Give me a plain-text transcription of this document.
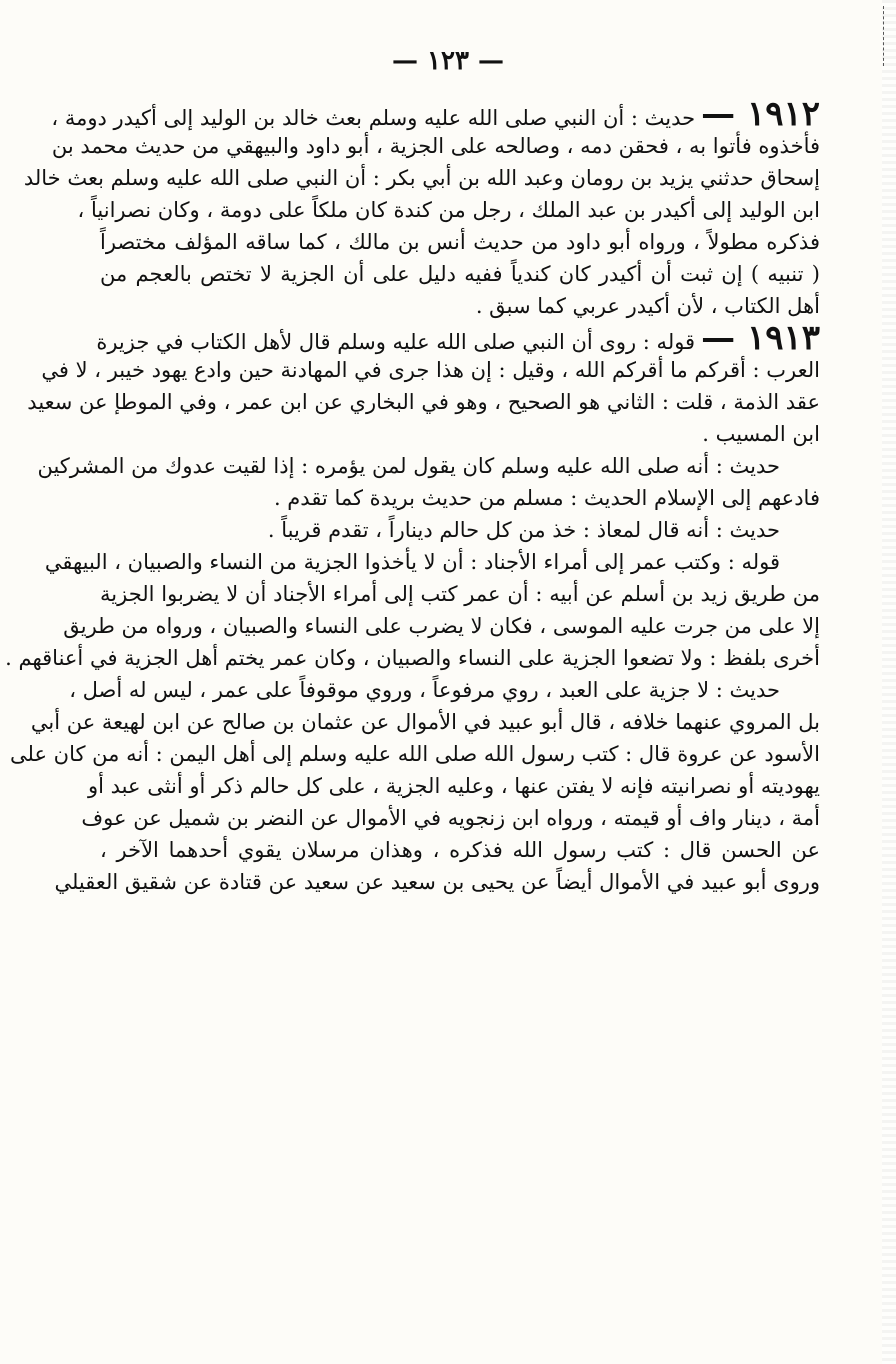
— ١٢٣ —
١٩١٢ —حديث : أن النبي صلى الله عليه وسلم بعث خالد بن الوليد إلى أكيدر دومة ،
فأخذوه فأتوا به ، فحقن دمه ، وصالحه على الجزية ، أبو داود والبيهقي من حديث محمد بن
إسحاق حدثني يزيد بن رومان وعبد الله بن أبي بكر : أن النبي صلى الله عليه وسلم بعث خالد
ابن الوليد إلى أكيدر بن عبد الملك ، رجل من كندة كان ملكاً على دومة ، وكان نصرانياً ،
فذكره مطولاً ، ورواه أبو داود من حديث أنس بن مالك ، كما ساقه المؤلف مختصراً
( تنبيه ) إن ثبت أن أكيدر كان كندياً ففيه دليل على أن الجزية لا تختص بالعجم من
أهل الكتاب ، لأن أكيدر عربي كما سبق .
١٩١٣ —قوله : روى أن النبي صلى الله عليه وسلم قال لأهل الكتاب في جزيرة
العرب : أقركم ما أقركم الله ، وقيل : إن هذا جرى في المهادنة حين وادع يهود خيبر ، لا في
عقد الذمة ، قلت : الثاني هو الصحيح ، وهو في البخاري عن ابن عمر ، وفي الموطإ عن سعيد
ابن المسيب .
حديث : أنه صلى الله عليه وسلم كان يقول لمن يؤمره : إذا لقيت عدوك من المشركين
فادعهم إلى الإسلام الحديث : مسلم من حديث بريدة كما تقدم .
حديث : أنه قال لمعاذ : خذ من كل حالم ديناراً ، تقدم قريباً .
قوله : وكتب عمر إلى أمراء الأجناد : أن لا يأخذوا الجزية من النساء والصبيان ، البيهقي
من طريق زيد بن أسلم عن أبيه : أن عمر كتب إلى أمراء الأجناد أن لا يضربوا الجزية
إلا على من جرت عليه الموسى ، فكان لا يضرب على النساء والصبيان ، ورواه من طريق
أخرى بلفظ : ولا تضعوا الجزية على النساء والصبيان ، وكان عمر يختم أهل الجزية في أعناقهم .
حديث : لا جزية على العبد ، روي مرفوعاً ، وروي موقوفاً على عمر ، ليس له أصل ،
بل المروي عنهما خلافه ، قال أبو عبيد في الأموال عن عثمان بن صالح عن ابن لهيعة عن أبي
الأسود عن عروة قال : كتب رسول الله صلى الله عليه وسلم إلى أهل اليمن : أنه من كان على
يهوديته أو نصرانيته فإنه لا يفتن عنها ، وعليه الجزية ، على كل حالم ذكر أو أنثى عبد أو
أمة ، دينار واف أو قيمته ، ورواه ابن زنجويه في الأموال عن النضر بن شميل عن عوف
عن الحسن قال : كتب رسول الله فذكره ، وهذان مرسلان يقوي أحدهما الآخر ،
وروى أبو عبيد في الأموال أيضاً عن يحيى بن سعيد عن سعيد عن قتادة عن شقيق العقيلي
